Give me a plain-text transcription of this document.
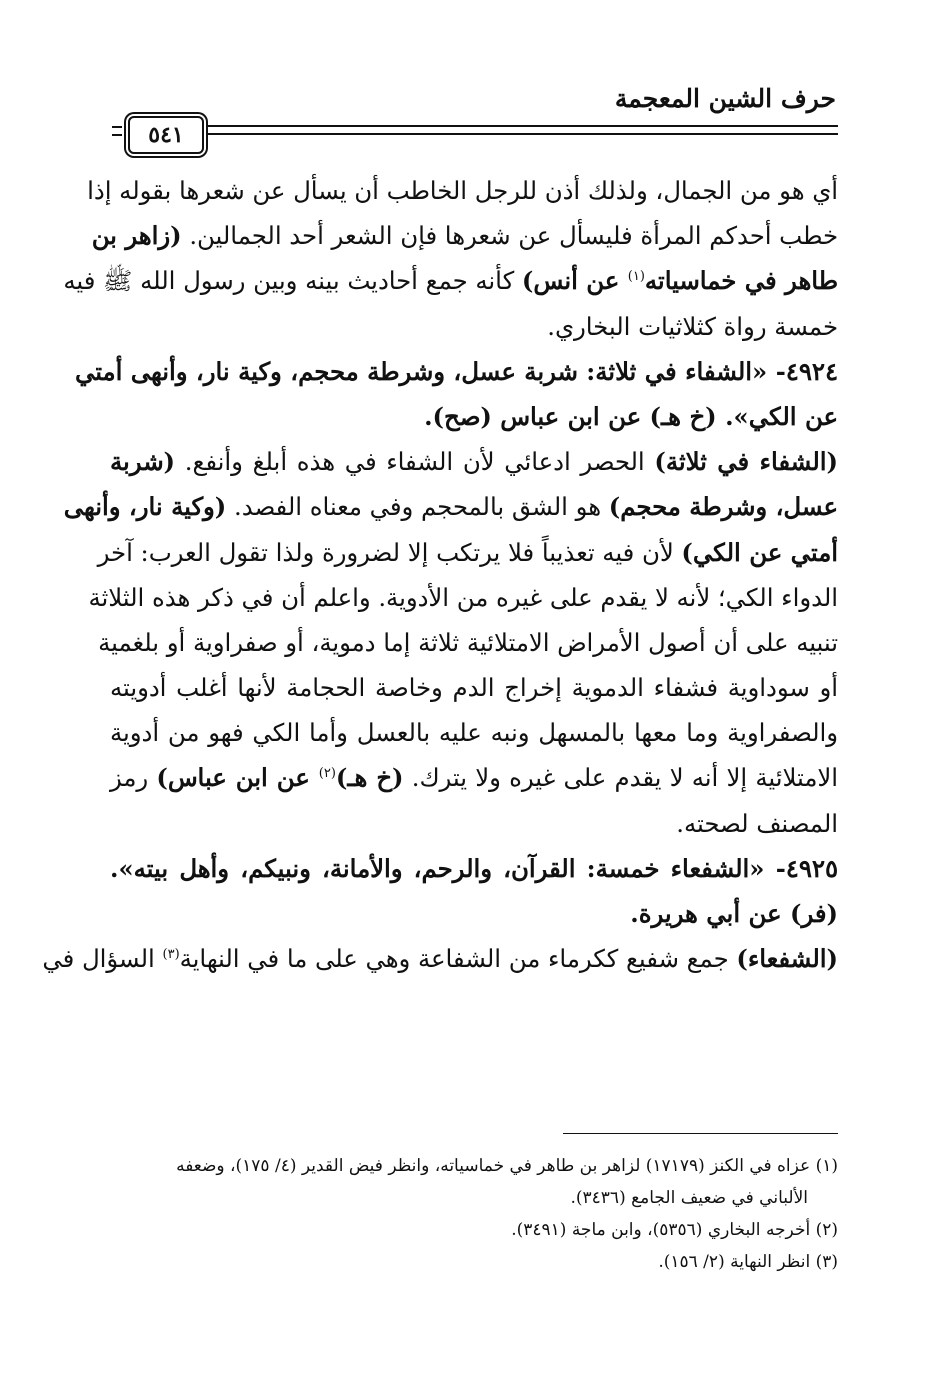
حرف الشين المعجمة
٥٤١
أي هو من الجمال، ولذلك أذن للرجل الخاطب أن يسأل عن شعرها بقوله إذا
خطب أحدكم المرأة فليسأل عن شعرها فإن الشعر أحد الجمالين. (زاهر بن
طاهر في خماسياته$^{(١)}$ عن أنس) كأنه جمع أحاديث بينه وبين رسول الله ﷺ فيه
خمسة رواة كثلاثيات البخاري.
٤٩٢٤- «الشفاء في ثلاثة: شربة عسل، وشرطة محجم، وكية نار، وأنهى أمتي
عن الكي». (خ هـ) عن ابن عباس (صح).
(الشفاء في ثلاثة) الحصر ادعائي لأن الشفاء في هذه أبلغ وأنفع. (شربة
عسل، وشرطة محجم) هو الشق بالمحجم وفي معناه الفصد. (وكية نار، وأنهى
أمتي عن الكي) لأن فيه تعذيباً فلا يرتكب إلا لضرورة ولذا تقول العرب: آخر
الدواء الكي؛ لأنه لا يقدم على غيره من الأدوية. واعلم أن في ذكر هذه الثلاثة
تنبيه على أن أصول الأمراض الامتلائية ثلاثة إما دموية، أو صفراوية أو بلغمية
أو سوداوية فشفاء الدموية إخراج الدم وخاصة الحجامة لأنها أغلب أدويته
والصفراوية وما معها بالمسهل ونبه عليه بالعسل وأما الكي فهو من أدوية
الامتلائية إلا أنه لا يقدم على غيره ولا يترك. (خ هـ)$^{(٢)}$ عن ابن عباس) رمز
المصنف لصحته.
٤٩٢٥- «الشفعاء خمسة: القرآن، والرحم، والأمانة، ونبيكم، وأهل بيته».
(فر) عن أبي هريرة.
(الشفعاء) جمع شفيع ككرماء من الشفاعة وهي على ما في النهاية$^{(٣)}$ السؤال في
(١) عزاه في الكنز (١٧١٧٩) لزاهر بن طاهر في خماسياته، وانظر فيض القدير (٤/ ١٧٥)، وضعفه
الألباني في ضعيف الجامع (٣٤٣٦).
(٢) أخرجه البخاري (٥٣٥٦)، وابن ماجة (٣٤٩١).
(٣) انظر النهاية (٢/ ١٥٦).
